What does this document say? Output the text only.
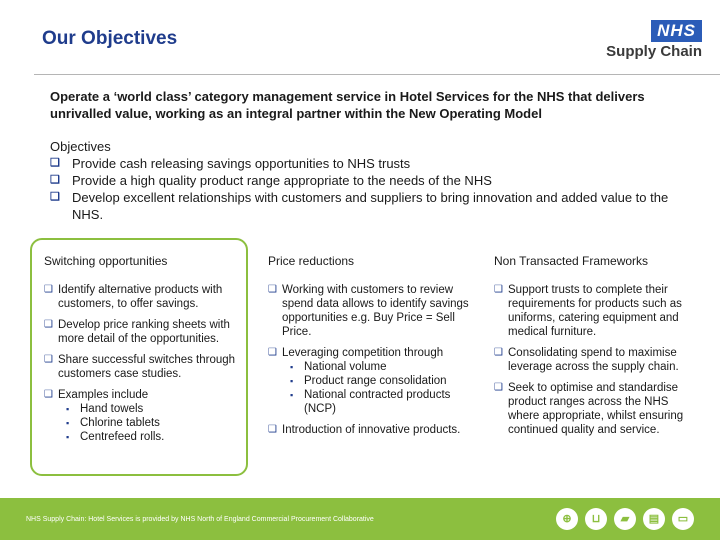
Our Objectives	NHS
Supply Chain
Operate a ‘world class’ category management service in Hotel Services for the NHS that delivers unrivalled value, working as an integral partner within the New Operating Model
Objectives
❑ Provide cash releasing savings opportunities to NHS trusts
❑ Provide a high quality product range appropriate to the needs of the NHS
❑ Develop excellent relationships with customers and suppliers to bring innovation and added value to the NHS.
Switching opportunities
❑ Identify alternative products with customers, to offer savings.
❑ Develop price ranking sheets with more detail of the opportunities.
❑ Share successful switches through customers case studies.
❑ Examples include
▪ Hand towels
▪ Chlorine tablets
▪ Centrefeed rolls.
Price reductions
❑ Working with customers to review spend data allows to identify savings opportunities e.g. Buy Price = Sell Price.
❑ Leveraging competition through
▪ National volume
▪ Product range consolidation
▪ National contracted products (NCP)
❑ Introduction of innovative products.
Non Transacted Frameworks
❑ Support trusts to complete their requirements for products such as uniforms, catering equipment and medical furniture.
❑ Consolidating spend to maximise leverage across the supply chain.
❑ Seek to optimise and standardise product ranges across the NHS where appropriate, whilst ensuring continued quality and service.
NHS Supply Chain: Hotel Services is provided by NHS North of England Commercial Procurement Collaborative	⊕	⊔	▰	▤	▭
